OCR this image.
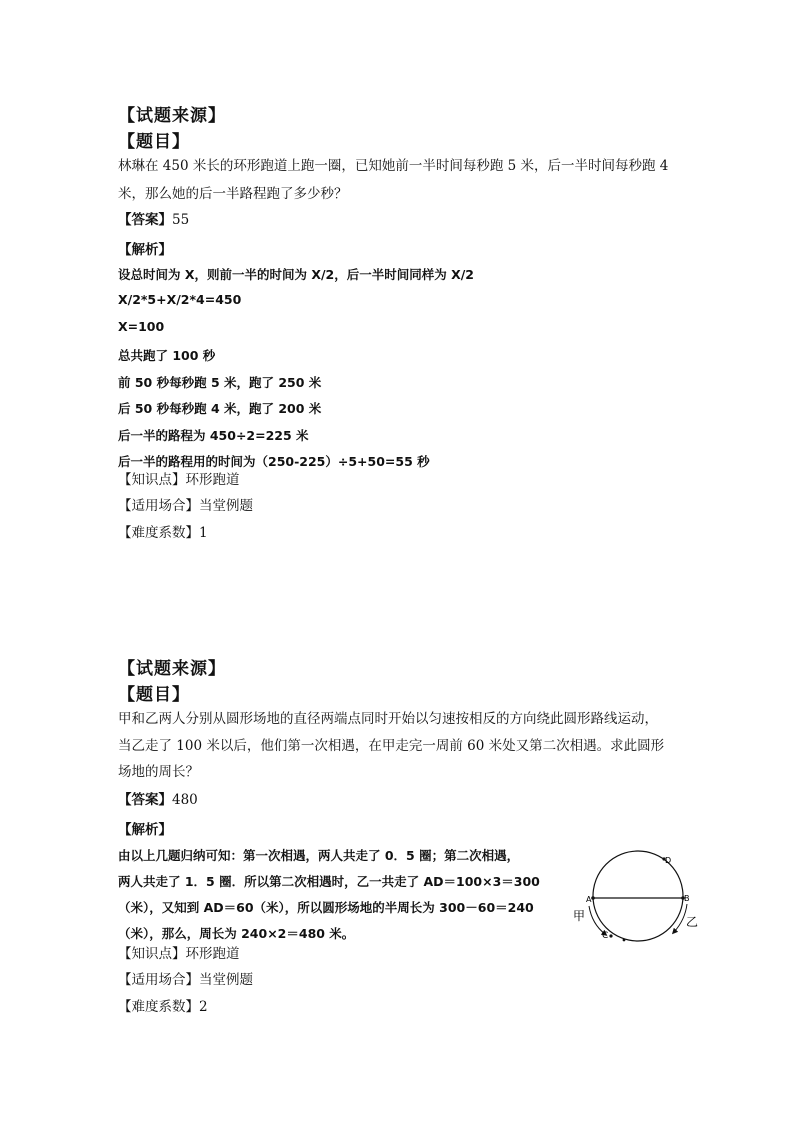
【试题来源】

【题目】

林琳在 450 米长的环形跑道上跑一圈，已知她前一半时间每秒跑 5 米，后一半时间每秒跑 4

米，那么她的后一半路程跑了多少秒？

【答案】55

【解析】

设总时间为 X，则前一半的时间为 X/2，后一半时间同样为 X/2

X/2*5+X/2*4=450

X=100

总共跑了 100 秒

前 50 秒每秒跑 5 米，跑了 250 米

后 50 秒每秒跑 4 米，跑了 200 米

后一半的路程为 450÷2=225 米

后一半的路程用的时间为（250-225）÷5+50=55 秒

【知识点】环形跑道

【适用场合】当堂例题

【难度系数】1

【试题来源】

【题目】

甲和乙两人分别从圆形场地的直径两端点同时开始以匀速按相反的方向绕此圆形路线运动，

当乙走了 100 米以后，他们第一次相遇，在甲走完一周前 60 米处又第二次相遇。求此圆形

场地的周长？

【答案】480

【解析】

由以上几题归纳可知：第一次相遇，两人共走了 0．5 圈；第二次相遇，

两人共走了 1．5 圈．所以第二次相遇时，乙一共走了 AD＝100×3＝300

（米），又知到 AD＝60（米），所以圆形场地的半周长为 300－60＝240

（米），那么，周长为 240×2＝480 米。

【知识点】环形跑道

【适用场合】当堂例题

【难度系数】2

A	B
D
C
甲	乙
